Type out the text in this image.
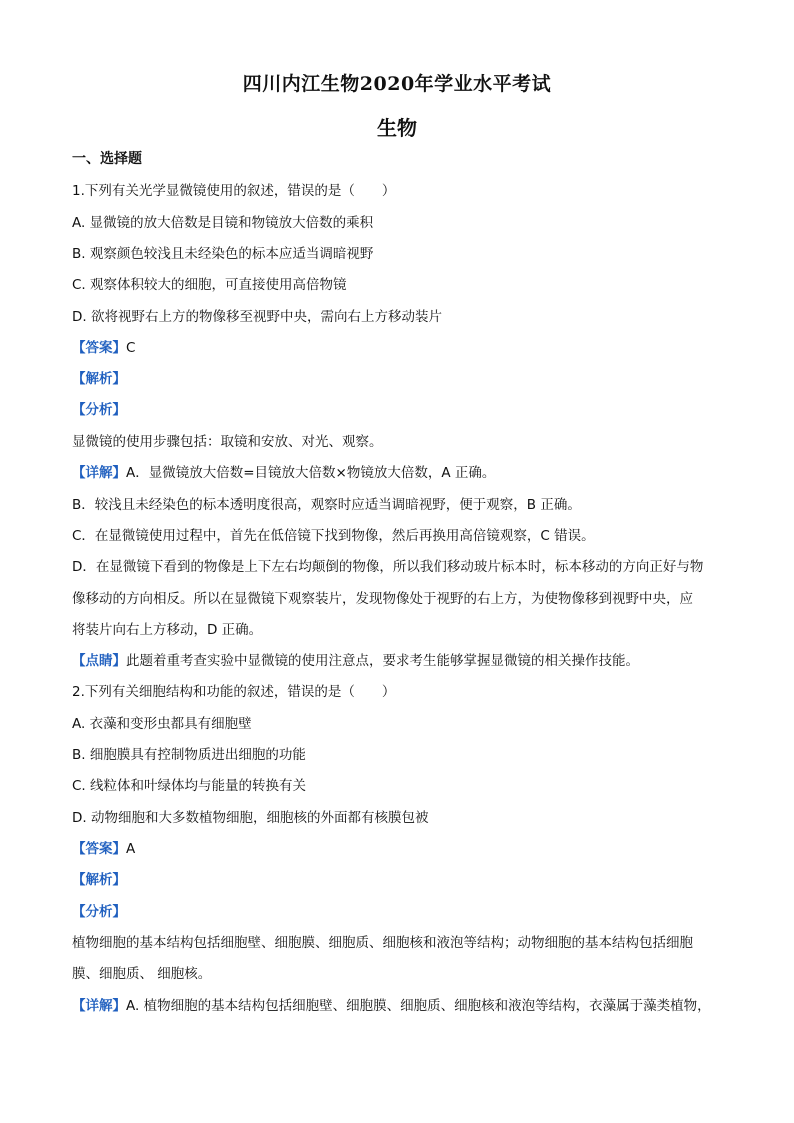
四川内江生物2020年学业水平考试
生物
一、选择题
1.下列有关光学显微镜使用的叙述，错误的是（　　）
A. 显微镜的放大倍数是目镜和物镜放大倍数的乘积
B. 观察颜色较浅且未经染色的标本应适当调暗视野
C. 观察体积较大的细胞，可直接使用高倍物镜
D. 欲将视野右上方的物像移至视野中央，需向右上方移动装片
【答案】C
【解析】
【分析】
显微镜的使用步骤包括：取镜和安放、对光、观察。
【详解】A．显微镜放大倍数=目镜放大倍数×物镜放大倍数，A 正确。
B．较浅且未经染色的标本透明度很高，观察时应适当调暗视野，便于观察，B 正确。
C．在显微镜使用过程中，首先在低倍镜下找到物像，然后再换用高倍镜观察，C 错误。
D．在显微镜下看到的物像是上下左右均颠倒的物像，所以我们移动玻片标本时，标本移动的方向正好与物
像移动的方向相反。所以在显微镜下观察装片，发现物像处于视野的右上方，为使物像移到视野中央，应
将装片向右上方移动，D 正确。
【点睛】此题着重考查实验中显微镜的使用注意点，要求考生能够掌握显微镜的相关操作技能。
2.下列有关细胞结构和功能的叙述，错误的是（　　）
A. 衣藻和变形虫都具有细胞壁
B. 细胞膜具有控制物质进出细胞的功能
C. 线粒体和叶绿体均与能量的转换有关
D. 动物细胞和大多数植物细胞，细胞核的外面都有核膜包被
【答案】A
【解析】
【分析】
植物细胞的基本结构包括细胞壁、细胞膜、细胞质、细胞核和液泡等结构；动物细胞的基本结构包括细胞
膜、细胞质、 细胞核。
【详解】A. 植物细胞的基本结构包括细胞壁、细胞膜、细胞质、细胞核和液泡等结构，衣藻属于藻类植物，
